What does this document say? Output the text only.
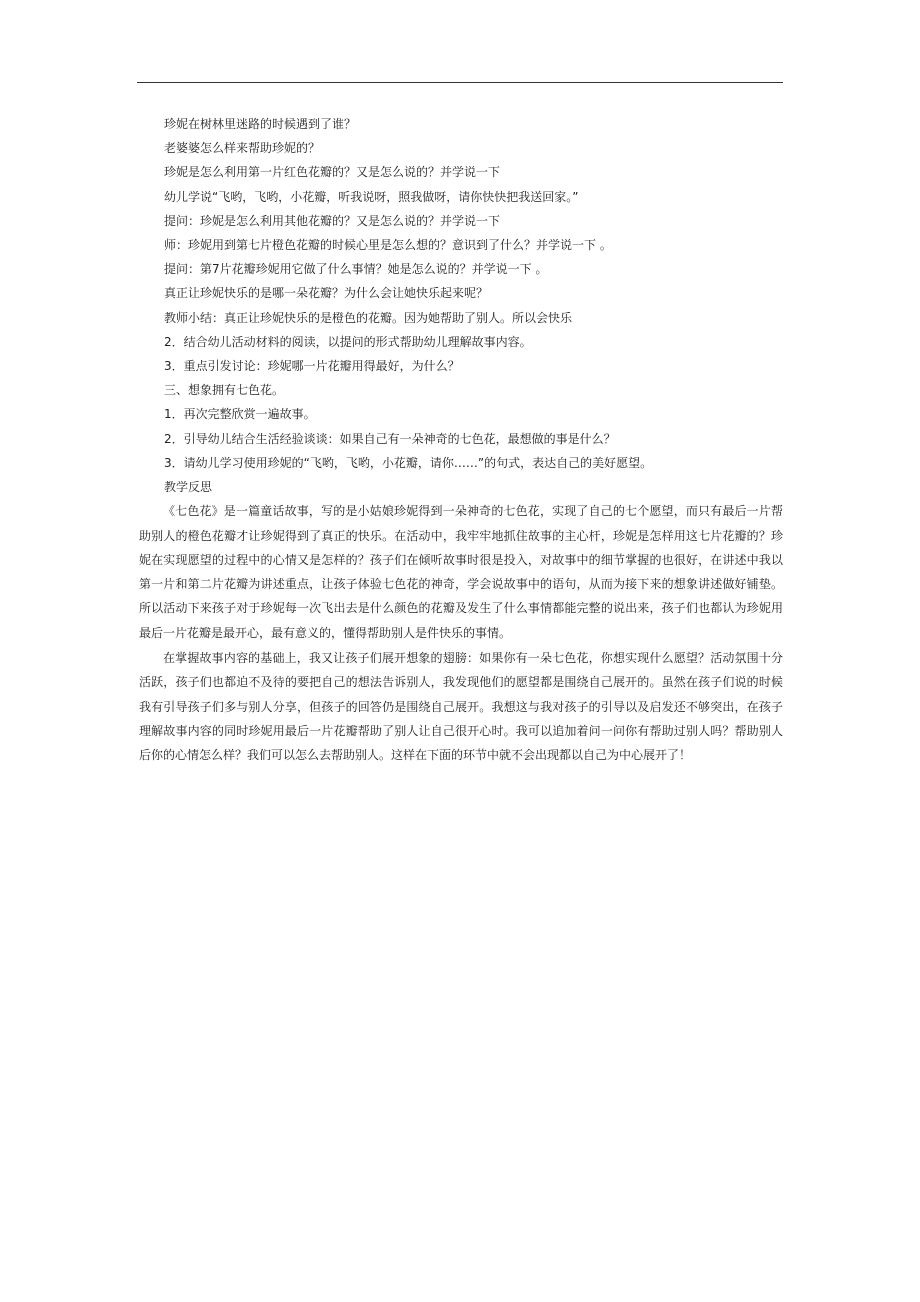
珍妮在树林里迷路的时候遇到了谁？
老婆婆怎么样来帮助珍妮的？
珍妮是怎么利用第一片红色花瓣的？又是怎么说的？并学说一下
幼儿学说“飞哟，飞哟，小花瓣，听我说呀，照我做呀，请你快快把我送回家。”
提问：珍妮是怎么利用其他花瓣的？又是怎么说的？并学说一下
师：珍妮用到第七片橙色花瓣的时候心里是怎么想的？意识到了什么？并学说一下 。
提问：第7片花瓣珍妮用它做了什么事情？她是怎么说的？并学说一下 。
真正让珍妮快乐的是哪一朵花瓣？为什么会让她快乐起来呢？
教师小结：真正让珍妮快乐的是橙色的花瓣。因为她帮助了别人。所以会快乐
2．结合幼儿活动材料的阅读，以提问的形式帮助幼儿理解故事内容。
3．重点引发讨论：珍妮哪一片花瓣用得最好，为什么？
三、想象拥有七色花。
1．再次完整欣赏一遍故事。
2．引导幼儿结合生活经验谈谈：如果自己有一朵神奇的七色花，最想做的事是什么？
3．请幼儿学习使用珍妮的“飞哟，飞哟，小花瓣，请你……”的句式，表达自己的美好愿望。
教学反思
《七色花》是一篇童话故事，写的是小姑娘珍妮得到一朵神奇的七色花，实现了自己的七个愿望，而只有最后一片帮助别人的橙色花瓣才让珍妮得到了真正的快乐。在活动中，我牢牢地抓住故事的主心杆，珍妮是怎样用这七片花瓣的？珍妮在实现愿望的过程中的心情又是怎样的？孩子们在倾听故事时很是投入，对故事中的细节掌握的也很好，在讲述中我以第一片和第二片花瓣为讲述重点，让孩子体验七色花的神奇，学会说故事中的语句，从而为接下来的想象讲述做好铺垫。所以活动下来孩子对于珍妮每一次飞出去是什么颜色的花瓣及发生了什么事情都能完整的说出来，孩子们也都认为珍妮用最后一片花瓣是最开心，最有意义的，懂得帮助别人是件快乐的事情。
在掌握故事内容的基础上，我又让孩子们展开想象的翅膀：如果你有一朵七色花，你想实现什么愿望？活动氛围十分活跃，孩子们也都迫不及待的要把自己的想法告诉别人，我发现他们的愿望都是围绕自己展开的。虽然在孩子们说的时候我有引导孩子们多与别人分享，但孩子的回答仍是围绕自己展开。我想这与我对孩子的引导以及启发还不够突出，在孩子理解故事内容的同时珍妮用最后一片花瓣帮助了别人让自己很开心时。我可以追加着问一问你有帮助过别人吗？帮助别人后你的心情怎么样？我们可以怎么去帮助别人。这样在下面的环节中就不会出现都以自己为中心展开了！
